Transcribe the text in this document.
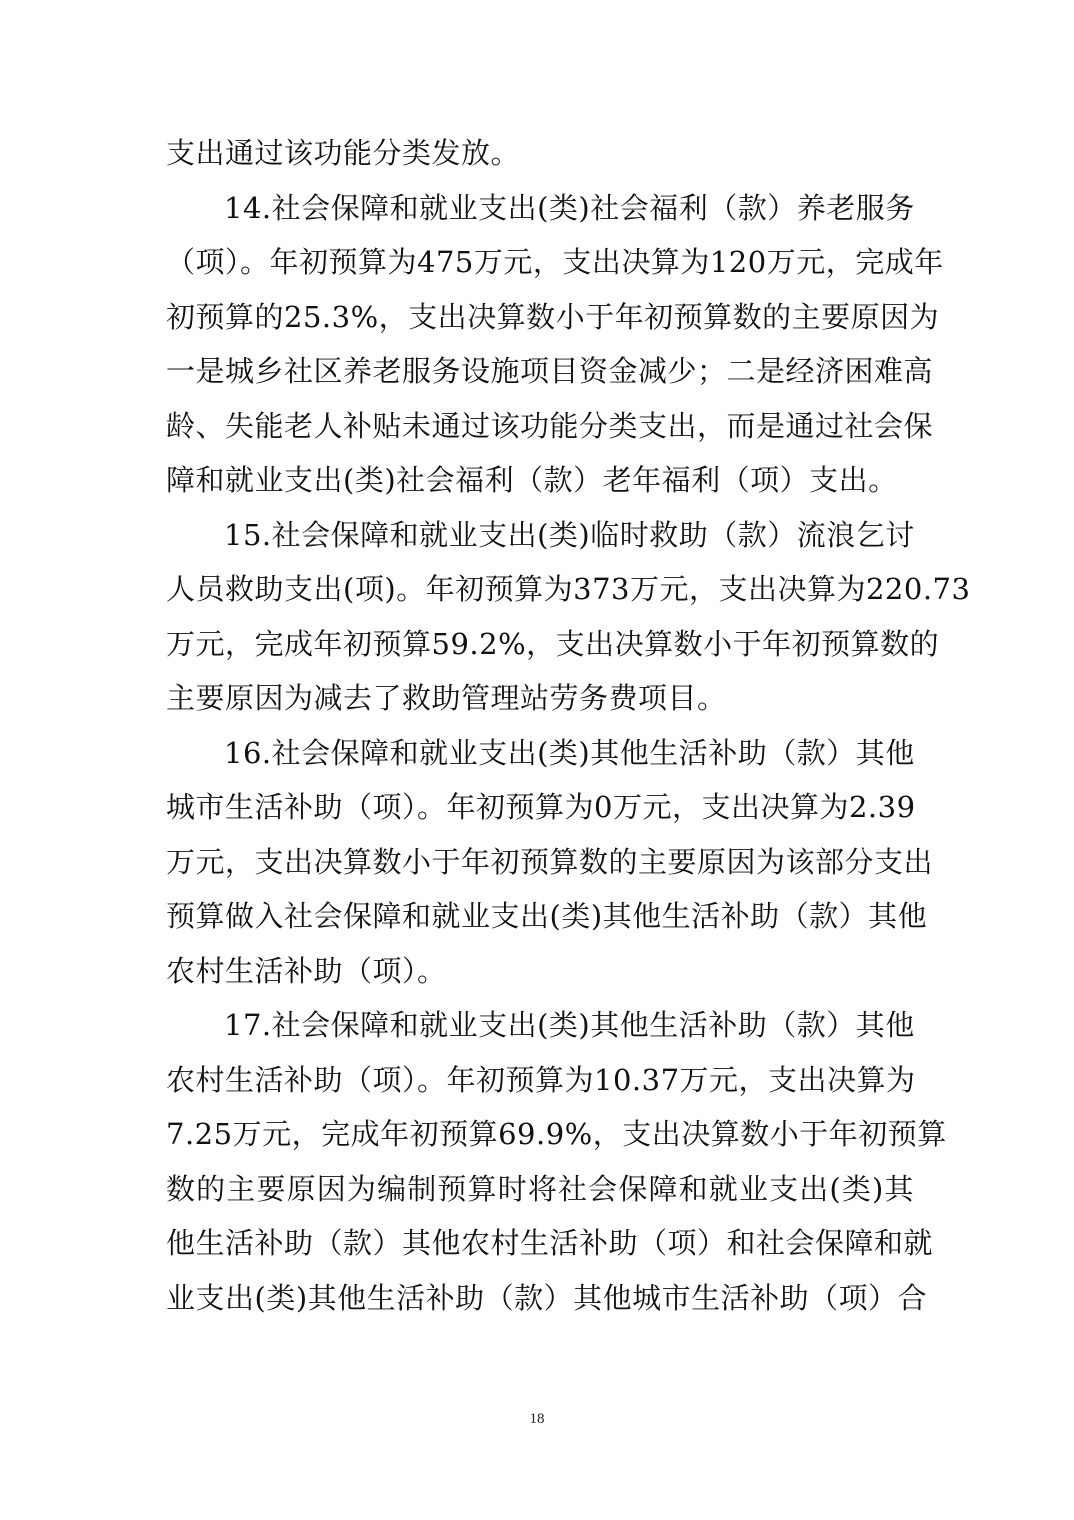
支出通过该功能分类发放。
14.社会保障和就业支出(类)社会福利（款）养老服务
（项）。年初预算为475万元，支出决算为120万元，完成年
初预算的25.3%，支出决算数小于年初预算数的主要原因为
一是城乡社区养老服务设施项目资金减少；二是经济困难高
龄、失能老人补贴未通过该功能分类支出，而是通过社会保
障和就业支出(类)社会福利（款）老年福利（项）支出。
15.社会保障和就业支出(类)临时救助（款）流浪乞讨
人员救助支出(项)。年初预算为373万元，支出决算为220.73
万元，完成年初预算59.2%，支出决算数小于年初预算数的
主要原因为减去了救助管理站劳务费项目。
16.社会保障和就业支出(类)其他生活补助（款）其他
城市生活补助（项）。年初预算为0万元，支出决算为2.39
万元，支出决算数小于年初预算数的主要原因为该部分支出
预算做入社会保障和就业支出(类)其他生活补助（款）其他
农村生活补助（项）。
17.社会保障和就业支出(类)其他生活补助（款）其他
农村生活补助（项）。年初预算为10.37万元，支出决算为
7.25万元，完成年初预算69.9%，支出决算数小于年初预算
数的主要原因为编制预算时将社会保障和就业支出(类)其
他生活补助（款）其他农村生活补助（项）和社会保障和就
业支出(类)其他生活补助（款）其他城市生活补助（项）合
18
